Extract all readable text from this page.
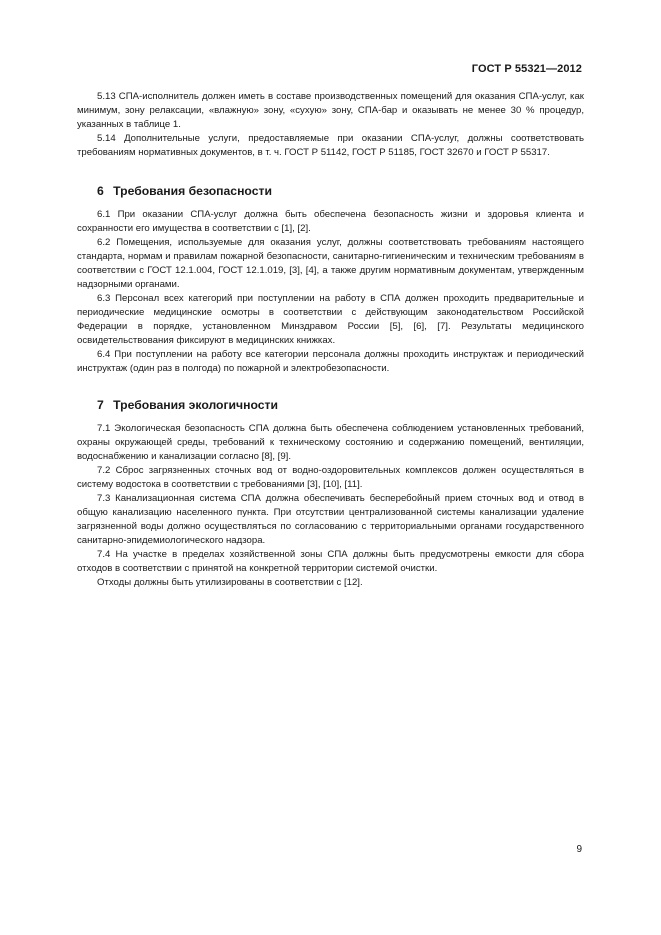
ГОСТ Р 55321—2012

5.13 СПА-исполнитель должен иметь в составе производственных помещений для оказания СПА-услуг, как минимум, зону релаксации, «влажную» зону, «сухую» зону, СПА-бар и оказывать не менее 30 % процедур, указанных в таблице 1.

5.14 Дополнительные услуги, предоставляемые при оказании СПА-услуг, должны соответствовать требованиям нормативных документов, в т. ч. ГОСТ Р 51142, ГОСТ Р 51185, ГОСТ 32670 и ГОСТ Р 55317.

6 Требования безопасности

6.1 При оказании СПА-услуг должна быть обеспечена безопасность жизни и здоровья клиента и сохранности его имущества в соответствии с [1], [2].

6.2 Помещения, используемые для оказания услуг, должны соответствовать требованиям настоящего стандарта, нормам и правилам пожарной безопасности, санитарно-гигиеническим и техническим требованиям в соответствии с ГОСТ 12.1.004, ГОСТ 12.1.019, [3], [4], а также другим нормативным документам, утвержденным надзорными органами.

6.3 Персонал всех категорий при поступлении на работу в СПА должен проходить предварительные и периодические медицинские осмотры в соответствии с действующим законодательством Российской Федерации в порядке, установленном Минздравом России [5], [6], [7]. Результаты медицинского освидетельствования фиксируют в медицинских книжках.

6.4 При поступлении на работу все категории персонала должны проходить инструктаж и периодический инструктаж (один раз в полгода) по пожарной и электробезопасности.

7 Требования экологичности

7.1 Экологическая безопасность СПА должна быть обеспечена соблюдением установленных требований, охраны окружающей среды, требований к техническому состоянию и содержанию помещений, вентиляции, водоснабжению и канализации согласно [8], [9].

7.2 Сброс загрязненных сточных вод от водно-оздоровительных комплексов должен осуществляться в систему водостока в соответствии с требованиями [3], [10], [11].

7.3 Канализационная система СПА должна обеспечивать бесперебойный прием сточных вод и отвод в общую канализацию населенного пункта. При отсутствии централизованной системы канализации удаление загрязненной воды должно осуществляться по согласованию с территориальными органами государственного санитарно-эпидемиологического надзора.

7.4 На участке в пределах хозяйственной зоны СПА должны быть предусмотрены емкости для сбора отходов в соответствии с принятой на конкретной территории системой очистки.

Отходы должны быть утилизированы в соответствии с [12].

9
